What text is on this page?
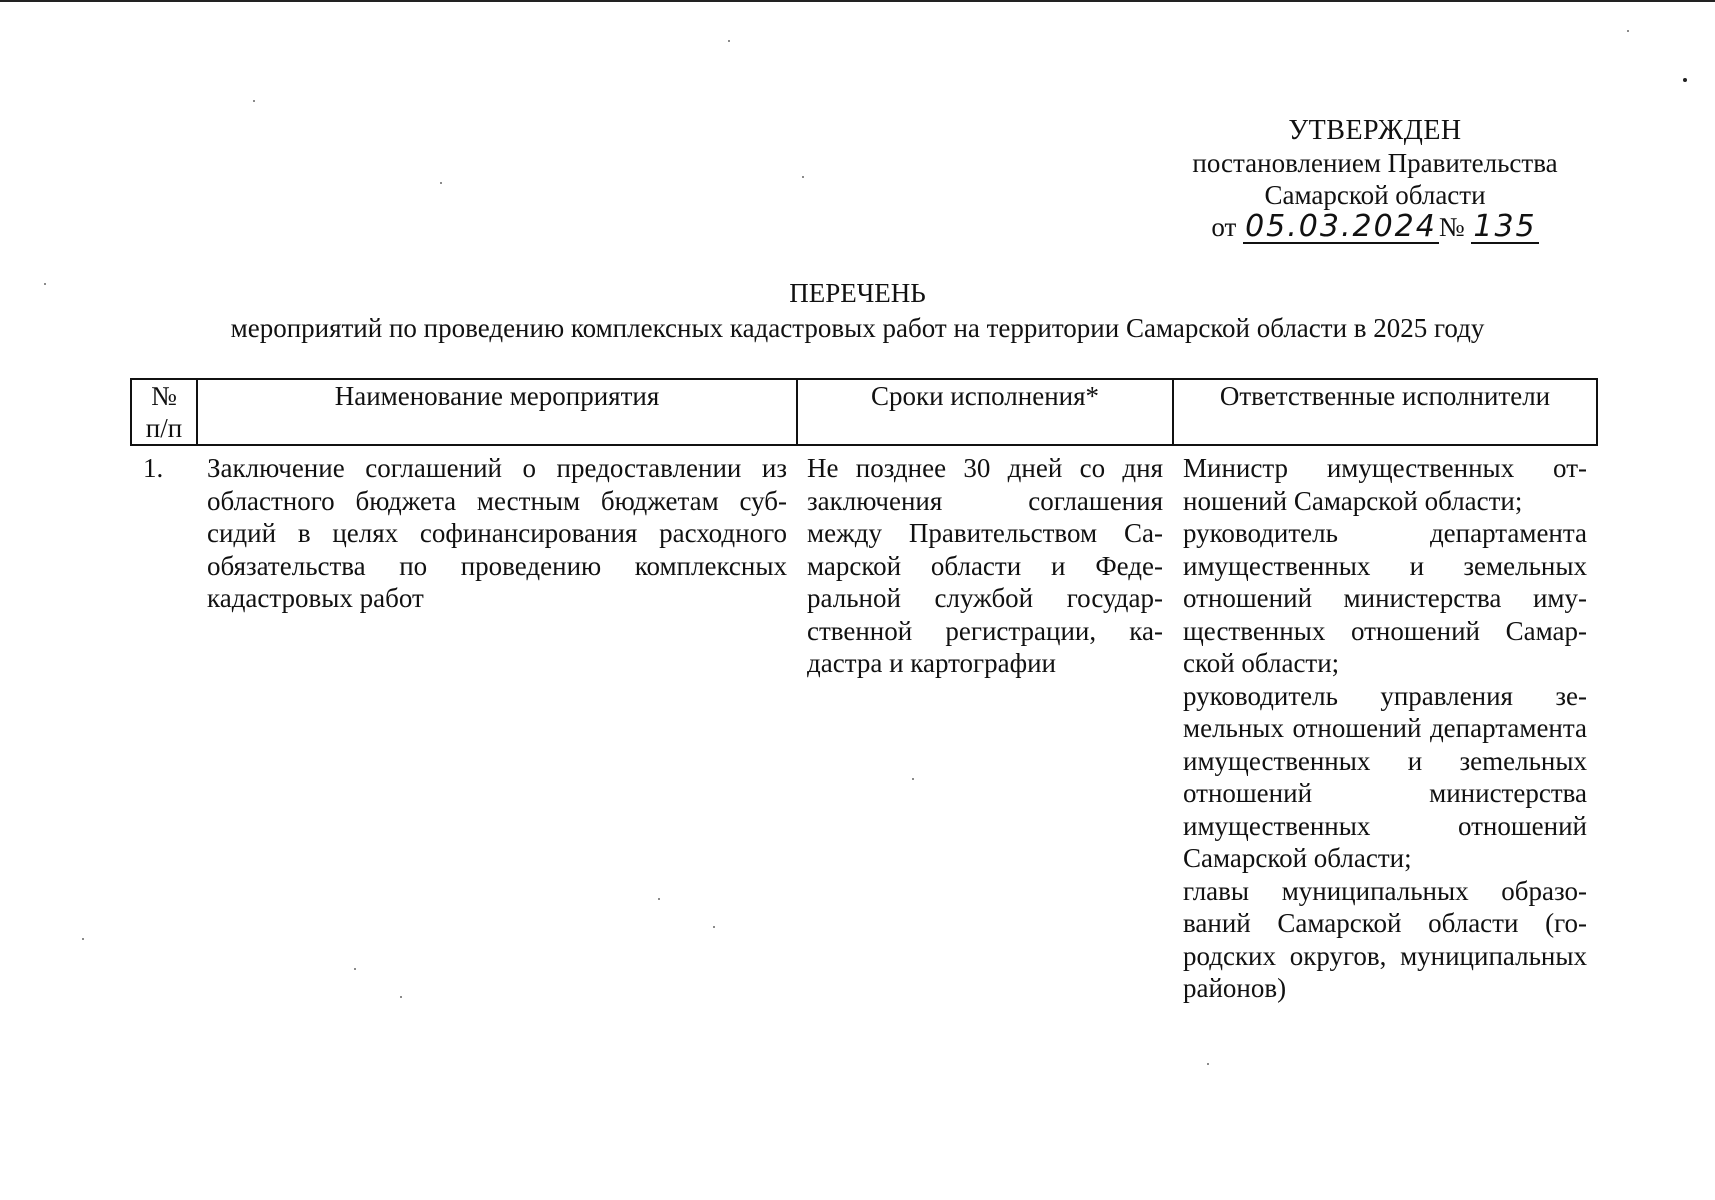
УТВЕРЖДЕН
постановлением Правительства
Самарской области
от 05.03.2024№ 135
ПЕРЕЧЕНЬ
мероприятий по проведению комплексных кадастровых работ на территории Самарской области в 2025 году
№ п/п	Наименование мероприятия	Сроки исполнения*	Ответственные исполнители
1.	Заключение соглашений о предоставлении из областного бюджета местным бюджетам субсидий в целях софинансирования расходного обязательства по проведению комплексных кадастровых работ	Не позднее 30 дней со дня заключения соглашения между Правительством Самарской области и Федеральной службой государственной регистрации, кадастра и картографии	Министр имущественных отношений Самарской области;
руководитель департамента имущественных и земельных отношений министерства имущественных отношений Самарской области;
руководитель управления земельных отношений департамента имущественных и зеmельных отношений министерства имущественных отношений Самарской области;
главы муниципальных образований Самарской области (городских округов, муниципальных районов)
